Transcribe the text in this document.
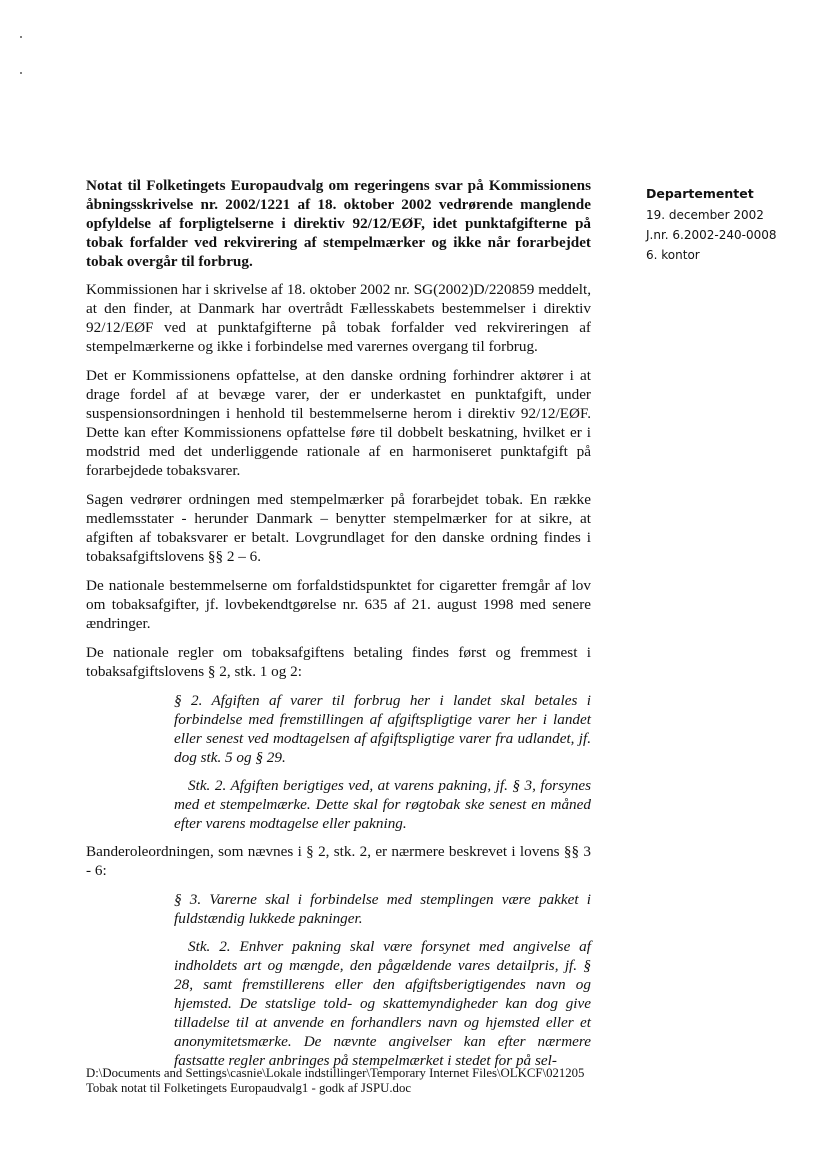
Departementet
19. december 2002
J.nr. 6.2002-240-0008
6. kontor

Notat til Folketingets Europaudvalg om regeringens svar på Kommissionens åbningsskrivelse nr. 2002/1221 af 18. oktober 2002 vedrørende manglende opfyldelse af forpligtelserne i direktiv 92/12/EØF, idet punktafgifterne på tobak forfalder ved rekvirering af stempelmærker og ikke når forarbejdet tobak overgår til forbrug.

Kommissionen har i skrivelse af 18. oktober 2002 nr. SG(2002)D/220859 meddelt, at den finder, at Danmark har overtrådt Fællesskabets bestemmelser i direktiv 92/12/EØF ved at punktafgifterne på tobak forfalder ved rekvireringen af stempelmærkerne og ikke i forbindelse med varernes overgang til forbrug.

Det er Kommissionens opfattelse, at den danske ordning forhindrer aktører i at drage fordel af at bevæge varer, der er underkastet en punktafgift, under suspensionsordningen i henhold til bestemmelserne herom i direktiv 92/12/EØF. Dette kan efter Kommissionens opfattelse føre til dobbelt beskatning, hvilket er i modstrid med det underliggende rationale af en harmoniseret punktafgift på forarbejdede tobaksvarer.

Sagen vedrører ordningen med stempelmærker på forarbejdet tobak. En række medlemsstater - herunder Danmark – benytter stempelmærker for at sikre, at afgiften af tobaksvarer er betalt. Lovgrundlaget for den danske ordning findes i tobaksafgiftslovens §§ 2 – 6.

De nationale bestemmelserne om forfaldstidspunktet for cigaretter fremgår af lov om tobaksafgifter, jf. lovbekendtgørelse nr. 635 af 21. august 1998 med senere ændringer.

De nationale regler om tobaksafgiftens betaling findes først og fremmest i tobaksafgiftslovens § 2, stk. 1 og 2:

§ 2. Afgiften af varer til forbrug her i landet skal betales i forbindelse med fremstillingen af afgiftspligtige varer her i landet eller senest ved modtagelsen af afgiftspligtige varer fra udlandet, jf. dog stk. 5 og § 29.

Stk. 2. Afgiften berigtiges ved, at varens pakning, jf. § 3, forsynes med et stempelmærke. Dette skal for røgtobak ske senest en måned efter varens modtagelse eller pakning.

Banderoleordningen, som nævnes i § 2, stk. 2, er nærmere beskrevet i lovens §§ 3 - 6:

§ 3. Varerne skal i forbindelse med stemplingen være pakket i fuldstændig lukkede pakninger.

Stk. 2. Enhver pakning skal være forsynet med angivelse af indholdets art og mængde, den pågældende vares detailpris, jf. § 28, samt fremstillerens eller den afgiftsberigtigendes navn og hjemsted. De statslige told- og skattemyndigheder kan dog give tilladelse til at anvende en forhandlers navn og hjemsted eller et anonymitetsmærke. De nævnte angivelser kan efter nærmere fastsatte regler anbringes på stempelmærket i stedet for på sel-

D:\Documents and Settings\casnie\Lokale indstillinger\Temporary Internet Files\OLKCF\021205
Tobak notat til Folketingets Europaudvalg1 - godk af JSPU.doc
